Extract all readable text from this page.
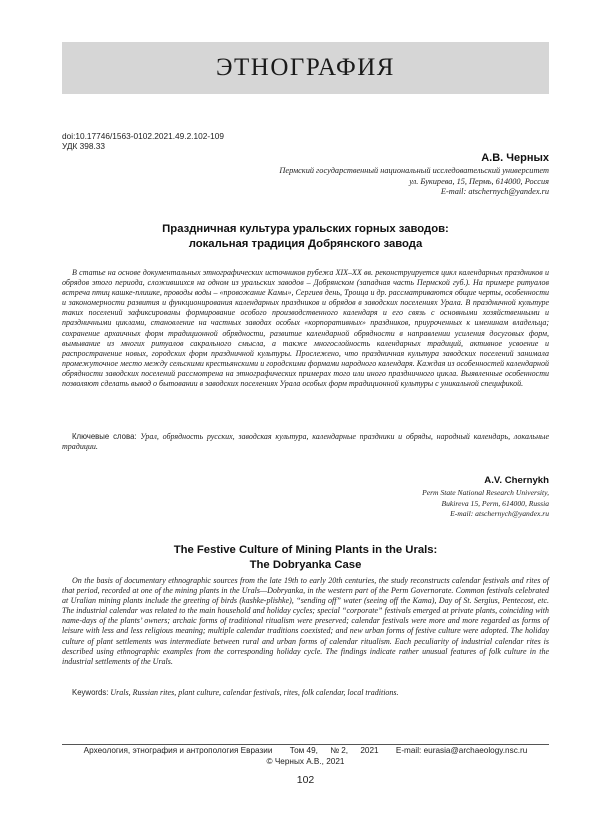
ЭТНОГРАФИЯ
doi:10.17746/1563-0102.2021.49.2.102-109
УДК 398.33
А.В. Черных
Пермский государственный национальный исследовательский университет
ул. Букирева, 15, Пермь, 614000, Россия
E-mail: atschernych@yandex.ru
Праздничная культура уральских горных заводов:
локальная традиция Добрянского завода

В статье на основе документальных этнографических источников рубежа XIX–XX вв. реконструируется цикл календарных праздников и обрядов этого периода, сложившихся на одном из уральских заводов – Добрянском (западная часть Пермской губ.). На примере ритуалов встреча птиц кашке-плишке, проводы воды – «провожание Камы», Сергиев день, Троица и др. рассматриваются общие черты, особенности и закономерности развития и функционирования календарных праздников и обрядов в заводских поселениях Урала. В праздничной культуре таких поселений зафиксированы формирование особого производственного календаря и его связь с основными хозяйственными и праздничными циклами, становление на частных заводах особых «корпоративных» праздников, приуроченных к именинам владельца; сохранение архаичных форм традиционной обрядности, развитие календарной обрядности в направлении усиления досуговых форм, вымывание из многих ритуалов сакрального смысла, а также многослойность календарных традиций, активное усвоение и распространение новых, городских форм праздничной культуры. Прослежено, что праздничная культура заводских поселений занимала промежуточное место между сельскими крестьянскими и городскими формами народного календаря. Каждая из особенностей календарной обрядности заводских поселений рассмотрена на этнографических примерах того или иного праздничного цикла. Выявленные особенности позволяют сделать вывод о бытовании в заводских поселениях Урала особых форм традиционной культуры с уникальной спецификой.

Ключевые слова: Урал, обрядность русских, заводская культура, календарные праздники и обряды, народный календарь, локальные традиции.
A.V. Chernykh
Perm State National Research University,
Bukireva 15, Perm, 614000, Russia
E-mail: atschernych@yandex.ru
The Festive Culture of Mining Plants in the Urals:
The Dobryanka Case

On the basis of documentary ethnographic sources from the late 19th to early 20th centuries, the study reconstructs calendar festivals and rites of that period, recorded at one of the mining plants in the Urals—Dobryanka, in the western part of the Perm Governorate. Common festivals celebrated at Uralian mining plants include the greeting of birds (kashke-plishke), “sending off” water (seeing off the Kama), Day of St. Sergius, Pentecost, etc. The industrial calendar was related to the main household and holiday cycles; special “corporate” festivals emerged at private plants, coinciding with name-days of the plants’ owners; archaic forms of traditional ritualism were preserved; calendar festivals were more and more regarded as forms of leisure with less and less religious meaning; multiple calendar traditions coexisted; and new urban forms of festive culture were adopted. The holiday culture of plant settlements was intermediate between rural and urban forms of calendar ritualism. Each peculiarity of industrial calendar rites is described using ethnographic examples from the corresponding holiday cycle. The findings indicate rather unusual features of folk culture in the industrial settlements of the Urals.

Keywords: Urals, Russian rites, plant culture, calendar festivals, rites, folk calendar, local traditions.
Археология, этнография и антропология Евразии Том 49, № 2, 2021 E-mail: eurasia@archaeology.nsc.ru
© Черных А.В., 2021
102
